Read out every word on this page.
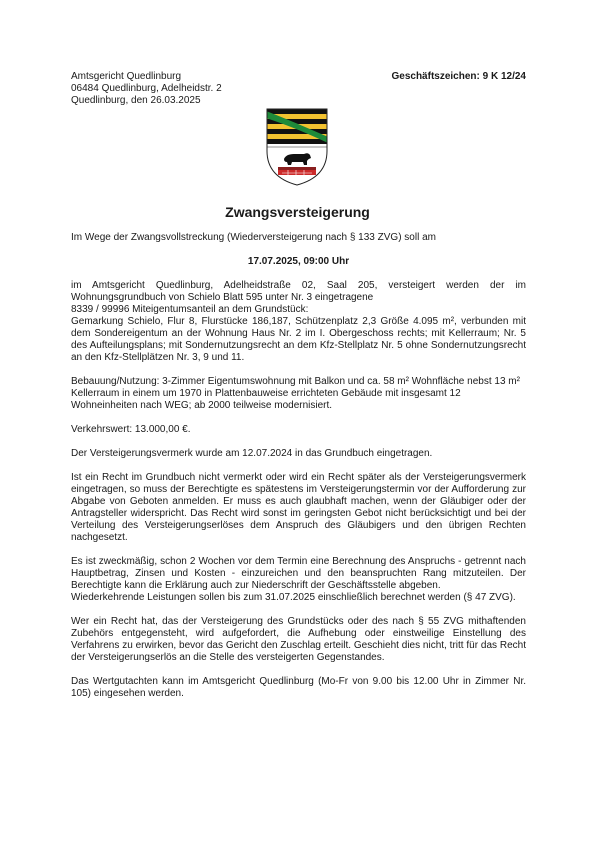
Amtsgericht Quedlinburg
06484 Quedlinburg, Adelheidstr. 2
Quedlinburg, den 26.03.2025
Geschäftszeichen: 9 K 12/24
Zwangsversteigerung

Im Wege der Zwangsvollstreckung (Wiederversteigerung nach § 133 ZVG) soll am

17.07.2025, 09:00 Uhr

im Amtsgericht Quedlinburg, Adelheidstraße 02, Saal 205, versteigert werden der im Wohnungsgrundbuch von Schielo Blatt 595 unter Nr. 3 eingetragene
8339 / 99996 Miteigentumsanteil an dem Grundstück:
Gemarkung Schielo, Flur 8, Flurstücke 186,187, Schützenplatz 2,3 Größe 4.095 m², verbunden mit dem Sondereigentum an der Wohnung Haus Nr. 2 im I. Obergeschoss rechts; mit Kellerraum; Nr. 5 des Aufteilungsplans; mit Sondernutzungsrecht an dem Kfz-Stellplatz Nr. 5 ohne Sondernutzungsrecht an den Kfz-Stellplätzen Nr. 3, 9 und 11.

Bebauung/Nutzung: 3-Zimmer Eigentumswohnung mit Balkon und ca. 58 m² Wohnfläche nebst 13 m² Kellerraum in einem um 1970 in Plattenbauweise errichteten Gebäude mit insgesamt 12 Wohneinheiten nach WEG; ab 2000 teilweise modernisiert.

Verkehrswert: 13.000,00 €.

Der Versteigerungsvermerk wurde am 12.07.2024 in das Grundbuch eingetragen.

Ist ein Recht im Grundbuch nicht vermerkt oder wird ein Recht später als der Versteigerungsvermerk eingetragen, so muss der Berechtigte es spätestens im Versteigerungstermin vor der Aufforderung zur Abgabe von Geboten anmelden. Er muss es auch glaubhaft machen, wenn der Gläubiger oder der Antragsteller widerspricht. Das Recht wird sonst im geringsten Gebot nicht berücksichtigt und bei der Verteilung des Versteigerungserlöses dem Anspruch des Gläubigers und den übrigen Rechten nachgesetzt.

Es ist zweckmäßig, schon 2 Wochen vor dem Termin eine Berechnung des Anspruchs - getrennt nach Hauptbetrag, Zinsen und Kosten - einzureichen und den beanspruchten Rang mitzuteilen. Der Berechtigte kann die Erklärung auch zur Niederschrift der Geschäftsstelle abgeben.
Wiederkehrende Leistungen sollen bis zum 31.07.2025 einschließlich berechnet werden (§ 47 ZVG).

Wer ein Recht hat, das der Versteigerung des Grundstücks oder des nach § 55 ZVG mithaftenden Zubehörs entgegensteht, wird aufgefordert, die Aufhebung oder einstweilige Einstellung des Verfahrens zu erwirken, bevor das Gericht den Zuschlag erteilt. Geschieht dies nicht, tritt für das Recht der Versteigerungserlös an die Stelle des versteigerten Gegenstandes.

Das Wertgutachten kann im Amtsgericht Quedlinburg (Mo-Fr von 9.00 bis 12.00 Uhr in Zimmer Nr. 105) eingesehen werden.
